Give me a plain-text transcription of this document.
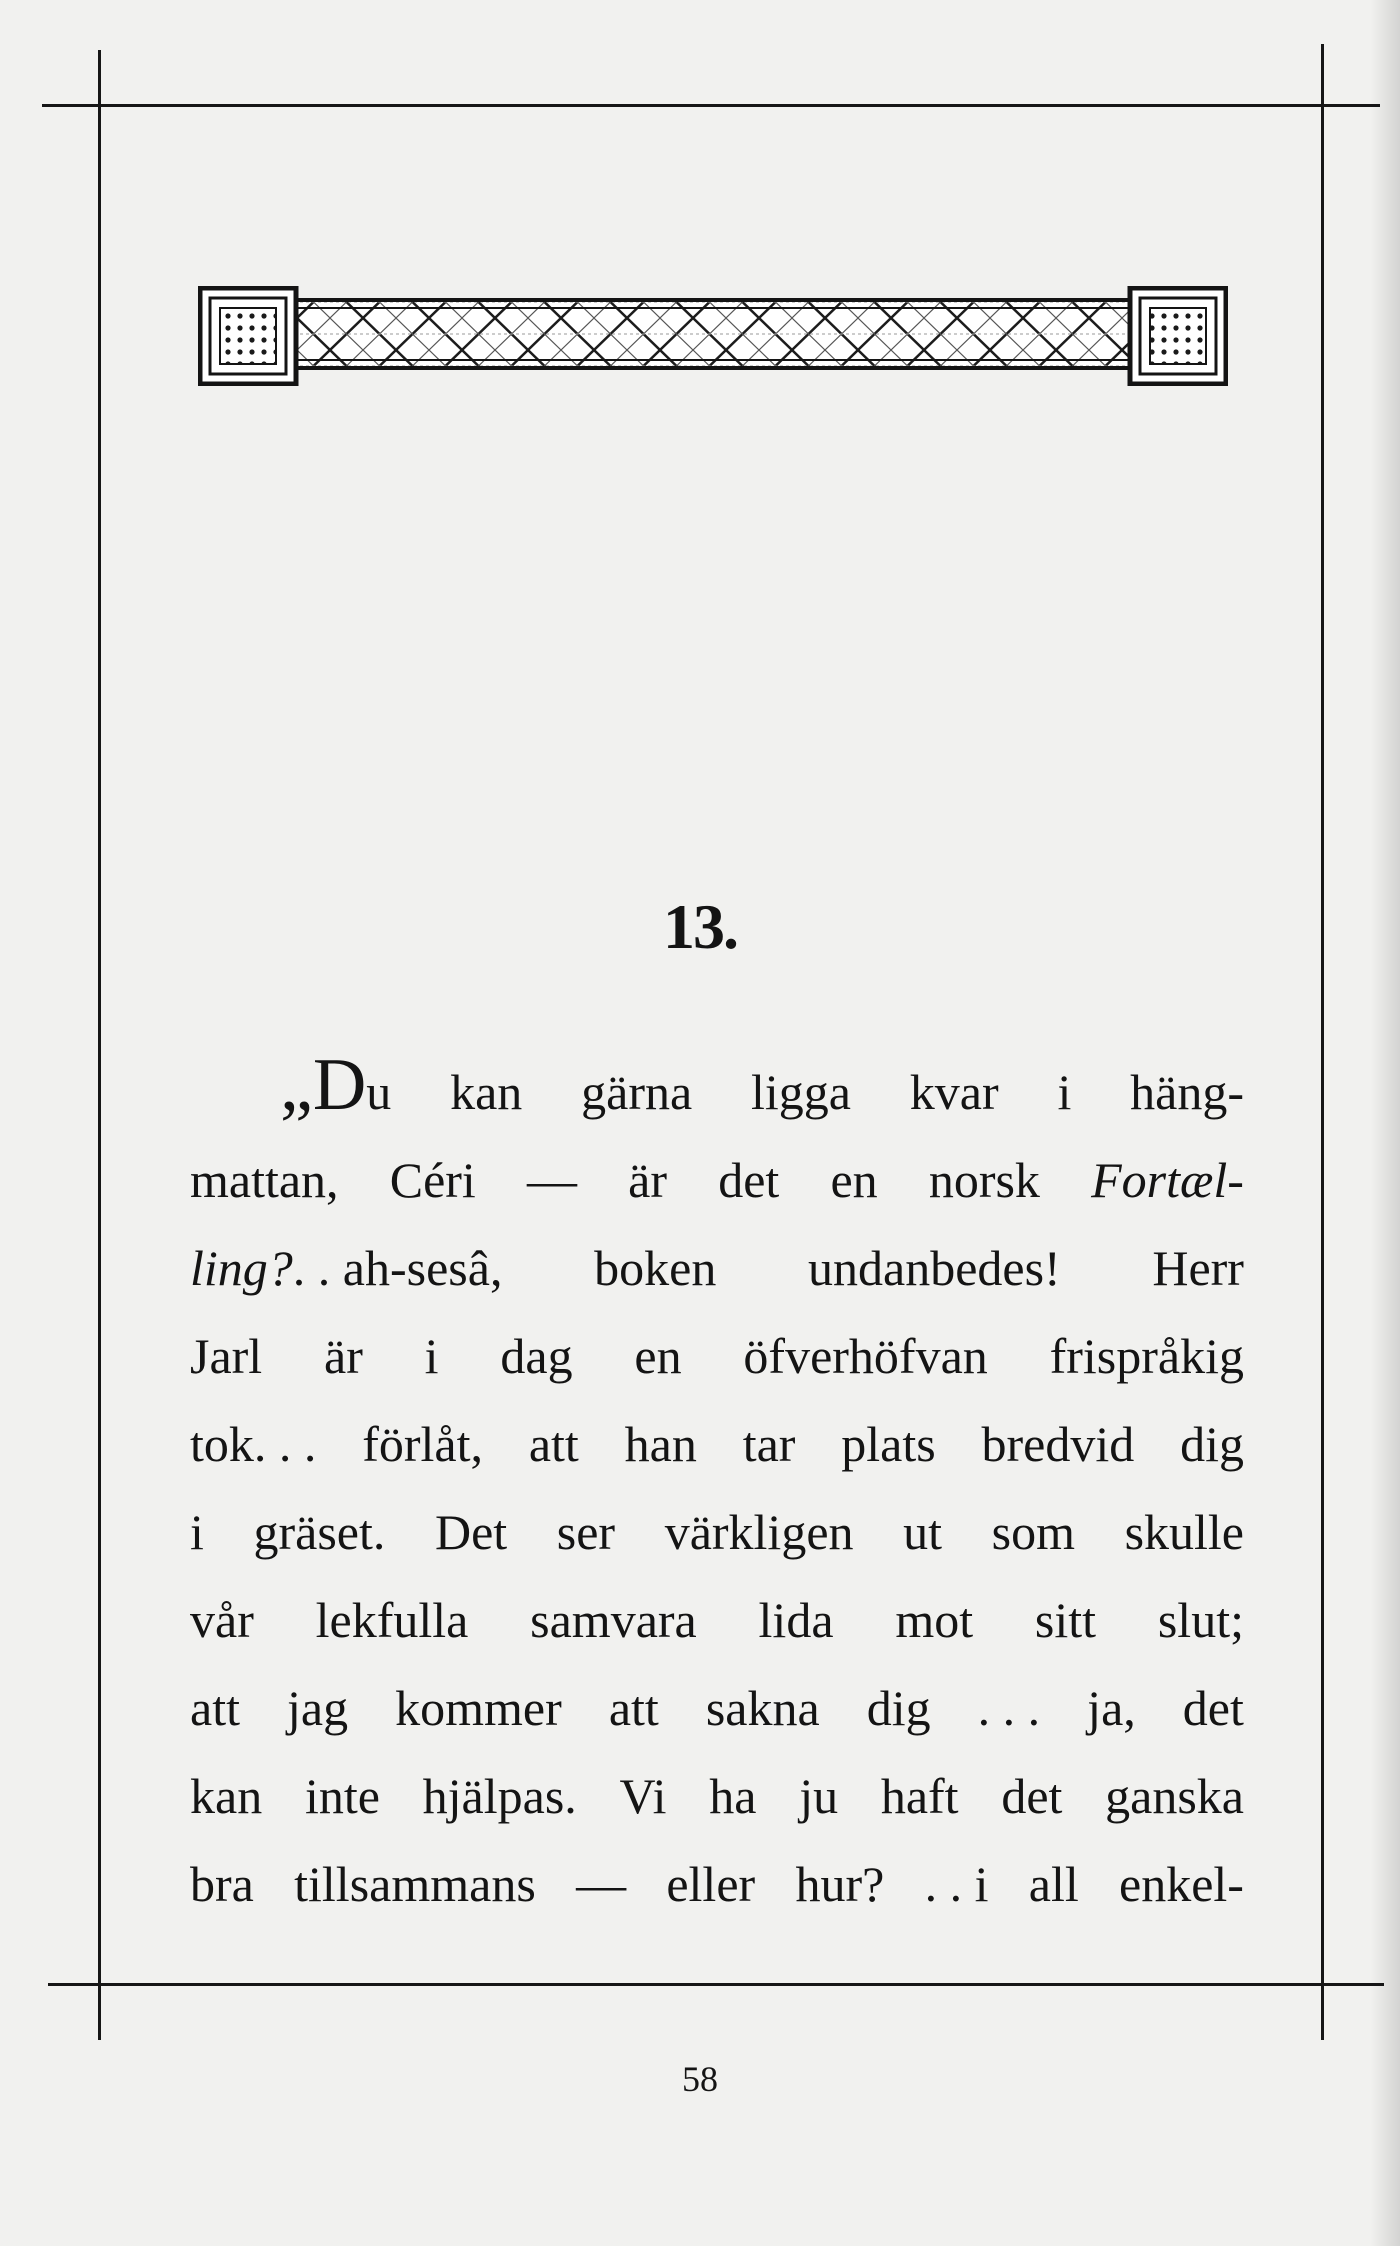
13.
„Du kan gärna ligga kvar i häng-
mattan, Céri — är det en norsk Fortæl-
ling?. . ah-sesâ, boken undanbedes! Herr
Jarl är i dag en öfverhöfvan frispråkig
tok. . . förlåt, att han tar plats bredvid dig
i gräset. Det ser värkligen ut som skulle
vår lekfulla samvara lida mot sitt slut;
att jag kommer att sakna dig . . . ja, det
kan inte hjälpas. Vi ha ju haft det ganska
bra tillsammans — eller hur? . . i all enkel-
58
